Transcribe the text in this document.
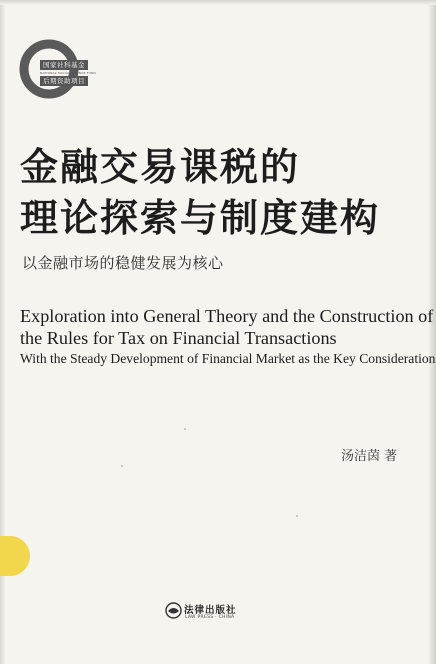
国家社科基金
NATIONAL SOCIAL SCIENCE FUND
后期资助项目
金融交易课税的
理论探索与制度建构
以金融市场的稳健发展为核心
Exploration into General Theory and the Construction of
the Rules for Tax on Financial Transactions
With the Steady Development of Financial Market as the Key Consideration
汤洁茵 著
法律出版社
LAW PRESS · CHINA
